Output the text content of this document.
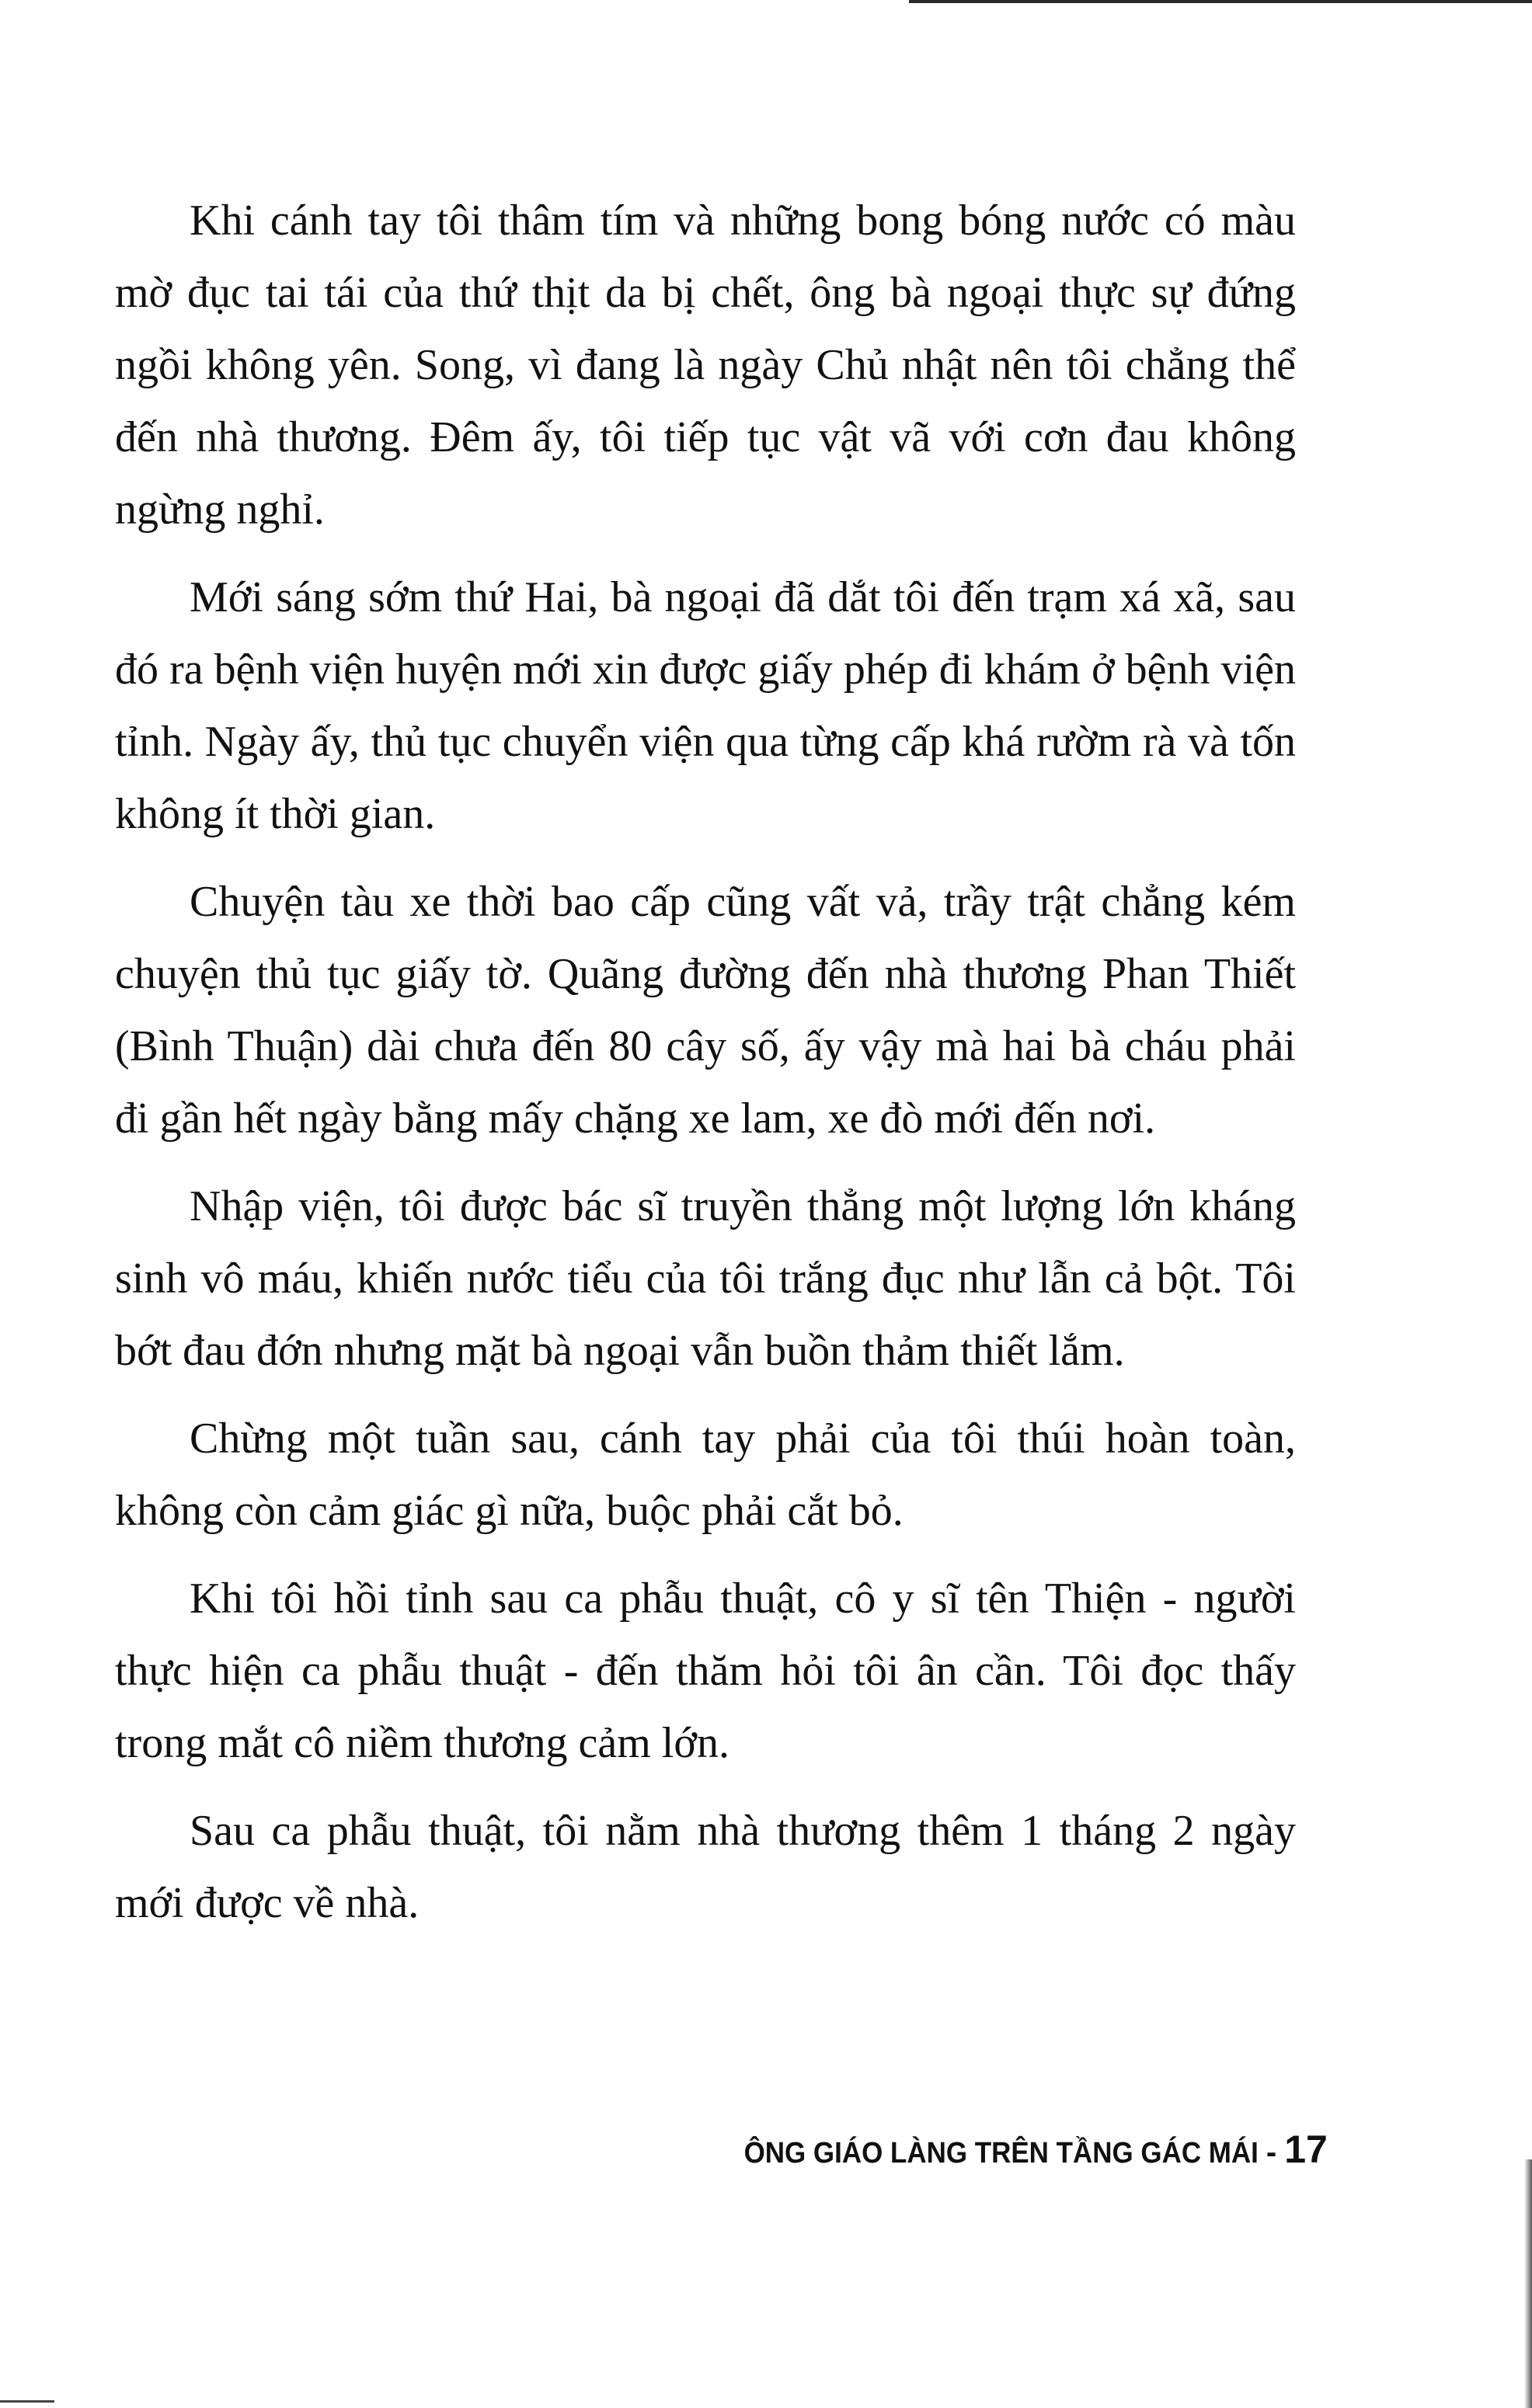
Khi cánh tay tôi thâm tím và những bong bóng nước có màu mờ đục tai tái của thứ thịt da bị chết, ông bà ngoại thực sự đứng ngồi không yên. Song, vì đang là ngày Chủ nhật nên tôi chẳng thể đến nhà thương. Đêm ấy, tôi tiếp tục vật vã với cơn đau không ngừng nghỉ.

Mới sáng sớm thứ Hai, bà ngoại đã dắt tôi đến trạm xá xã, sau đó ra bệnh viện huyện mới xin được giấy phép đi khám ở bệnh viện tỉnh. Ngày ấy, thủ tục chuyển viện qua từng cấp khá rườm rà và tốn không ít thời gian.

Chuyện tàu xe thời bao cấp cũng vất vả, trầy trật chẳng kém chuyện thủ tục giấy tờ. Quãng đường đến nhà thương Phan Thiết (Bình Thuận) dài chưa đến 80 cây số, ấy vậy mà hai bà cháu phải đi gần hết ngày bằng mấy chặng xe lam, xe đò mới đến nơi.

Nhập viện, tôi được bác sĩ truyền thẳng một lượng lớn kháng sinh vô máu, khiến nước tiểu của tôi trắng đục như lẫn cả bột. Tôi bớt đau đớn nhưng mặt bà ngoại vẫn buồn thảm thiết lắm.

Chừng một tuần sau, cánh tay phải của tôi thúi hoàn toàn, không còn cảm giác gì nữa, buộc phải cắt bỏ.

Khi tôi hồi tỉnh sau ca phẫu thuật, cô y sĩ tên Thiện - người thực hiện ca phẫu thuật - đến thăm hỏi tôi ân cần. Tôi đọc thấy trong mắt cô niềm thương cảm lớn.

Sau ca phẫu thuật, tôi nằm nhà thương thêm 1 tháng 2 ngày mới được về nhà.

ÔNG GIÁO LÀNG TRÊN TẦNG GÁC MÁI - 17
